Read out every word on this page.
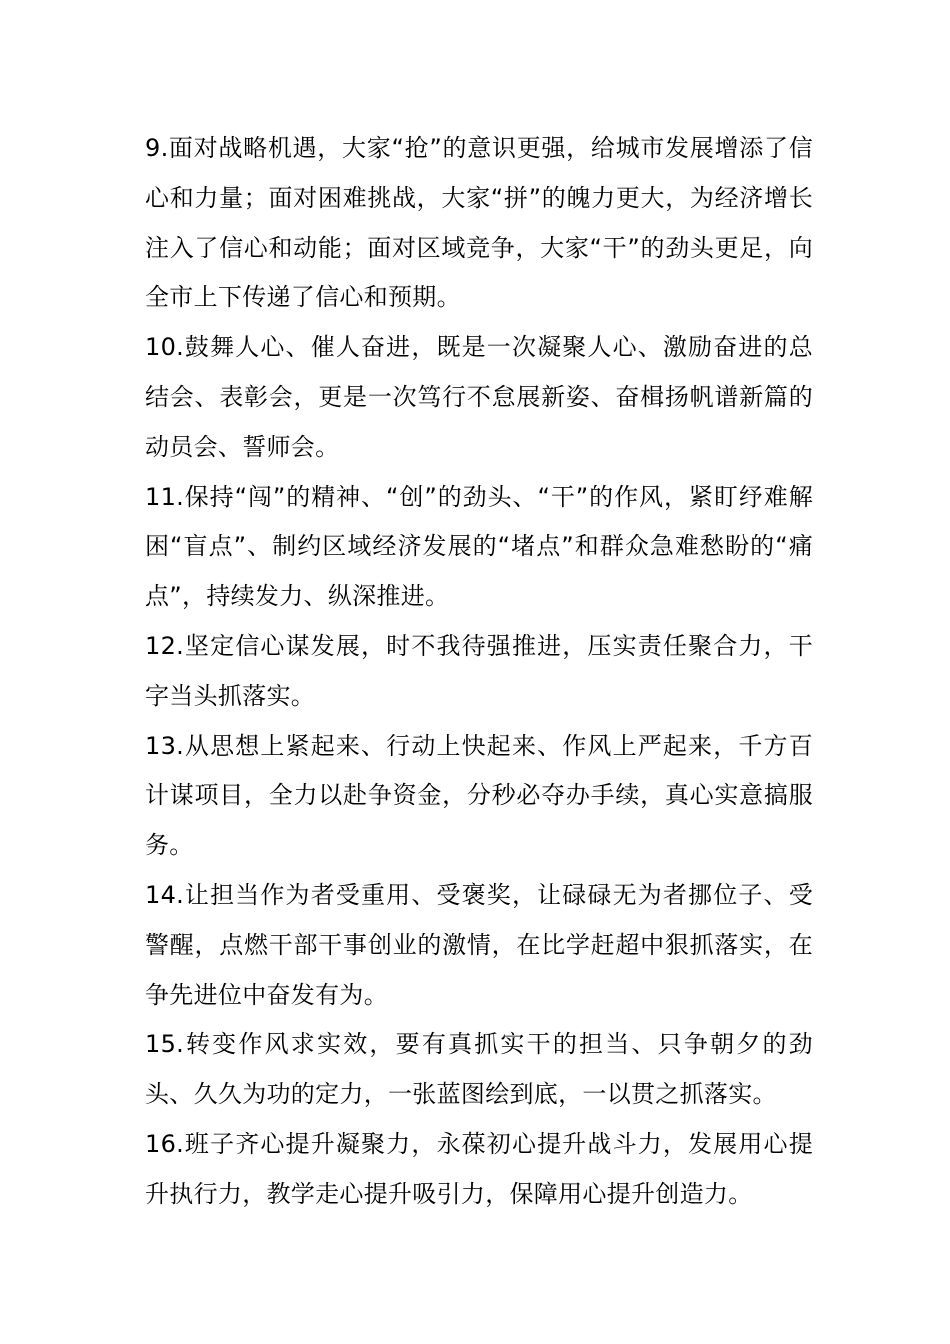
9.面对战略机遇，大家“抢”的意识更强，给城市发展增添了信心和力量；面对困难挑战，大家“拼”的魄力更大，为经济增长注入了信心和动能；面对区域竞争，大家“干”的劲头更足，向全市上下传递了信心和预期。

10.鼓舞人心、催人奋进，既是一次凝聚人心、激励奋进的总结会、表彰会，更是一次笃行不怠展新姿、奋楫扬帆谱新篇的动员会、誓师会。

11.保持“闯”的精神、“创”的劲头、“干”的作风，紧盯纾难解困“盲点”、制约区域经济发展的“堵点”和群众急难愁盼的“痛点”，持续发力、纵深推进。

12.坚定信心谋发展，时不我待强推进，压实责任聚合力，干字当头抓落实。

13.从思想上紧起来、行动上快起来、作风上严起来，千方百计谋项目，全力以赴争资金，分秒必夺办手续，真心实意搞服务。

14.让担当作为者受重用、受褒奖，让碌碌无为者挪位子、受警醒，点燃干部干事创业的激情，在比学赶超中狠抓落实，在争先进位中奋发有为。

15.转变作风求实效，要有真抓实干的担当、只争朝夕的劲头、久久为功的定力，一张蓝图绘到底，一以贯之抓落实。

16.班子齐心提升凝聚力，永葆初心提升战斗力，发展用心提升执行力，教学走心提升吸引力，保障用心提升创造力。
